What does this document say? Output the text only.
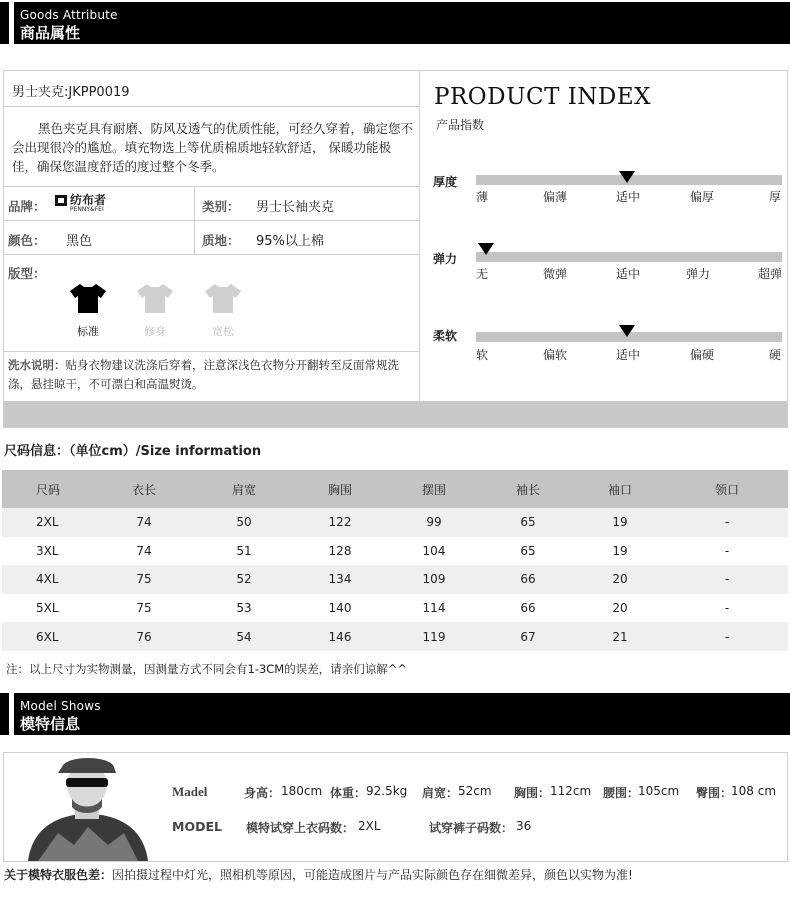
Goods Attribute
商品属性
男士夹克:JKPP0019

黑色夹克具有耐磨、防风及透气的优质性能，可经久穿着，确定您不会出现很冷的尴尬。填充物选上等优质棉质地轻软舒适， 保暖功能极佳，确保您温度舒适的度过整个冬季。

品牌： 纺布者
PENNY&FEI	类别： 男士长袖夹克
颜色： 黑色	质地： 95%以上棉
版型：
标准	修身	宽松

洗水说明：贴身衣物建议洗涤后穿着，注意深浅色衣物分开翻转至反面常规洗涤，悬挂晾干，不可漂白和高温熨烫。

PRODUCT INDEX
产品指数
厚度
薄	偏薄	适中	偏厚	厚
弹力
无	微弹	适中	弹力	超弹
柔软
软	偏软	适中	偏硬	硬
尺码信息：（单位cm）/Size information
尺码	衣长	肩宽	胸围	摆围	袖长	袖口	领口
2XL	74	50	122	99	65	19	-
3XL	74	51	128	104	65	19	-
4XL	75	52	134	109	66	20	-
5XL	75	53	140	114	66	20	-
6XL	76	54	146	119	67	21	-
注：以上尺寸为实物测量，因测量方式不同会有1-3CM的误差，请亲们谅解^^
Model Shows
模特信息
Madel	身高： 180cm 体重： 92.5kg 肩宽： 52cm 胸围： 112cm 腰围：
105cm 臀围：
108 cm
MODEL 模特试穿上衣码数： 2XL	试穿裤子码数： 36
关于模特衣服色差：因拍摄过程中灯光，照相机等原因，可能造成图片与产品实际颜色存在细微差异，颜色以实物为准!
